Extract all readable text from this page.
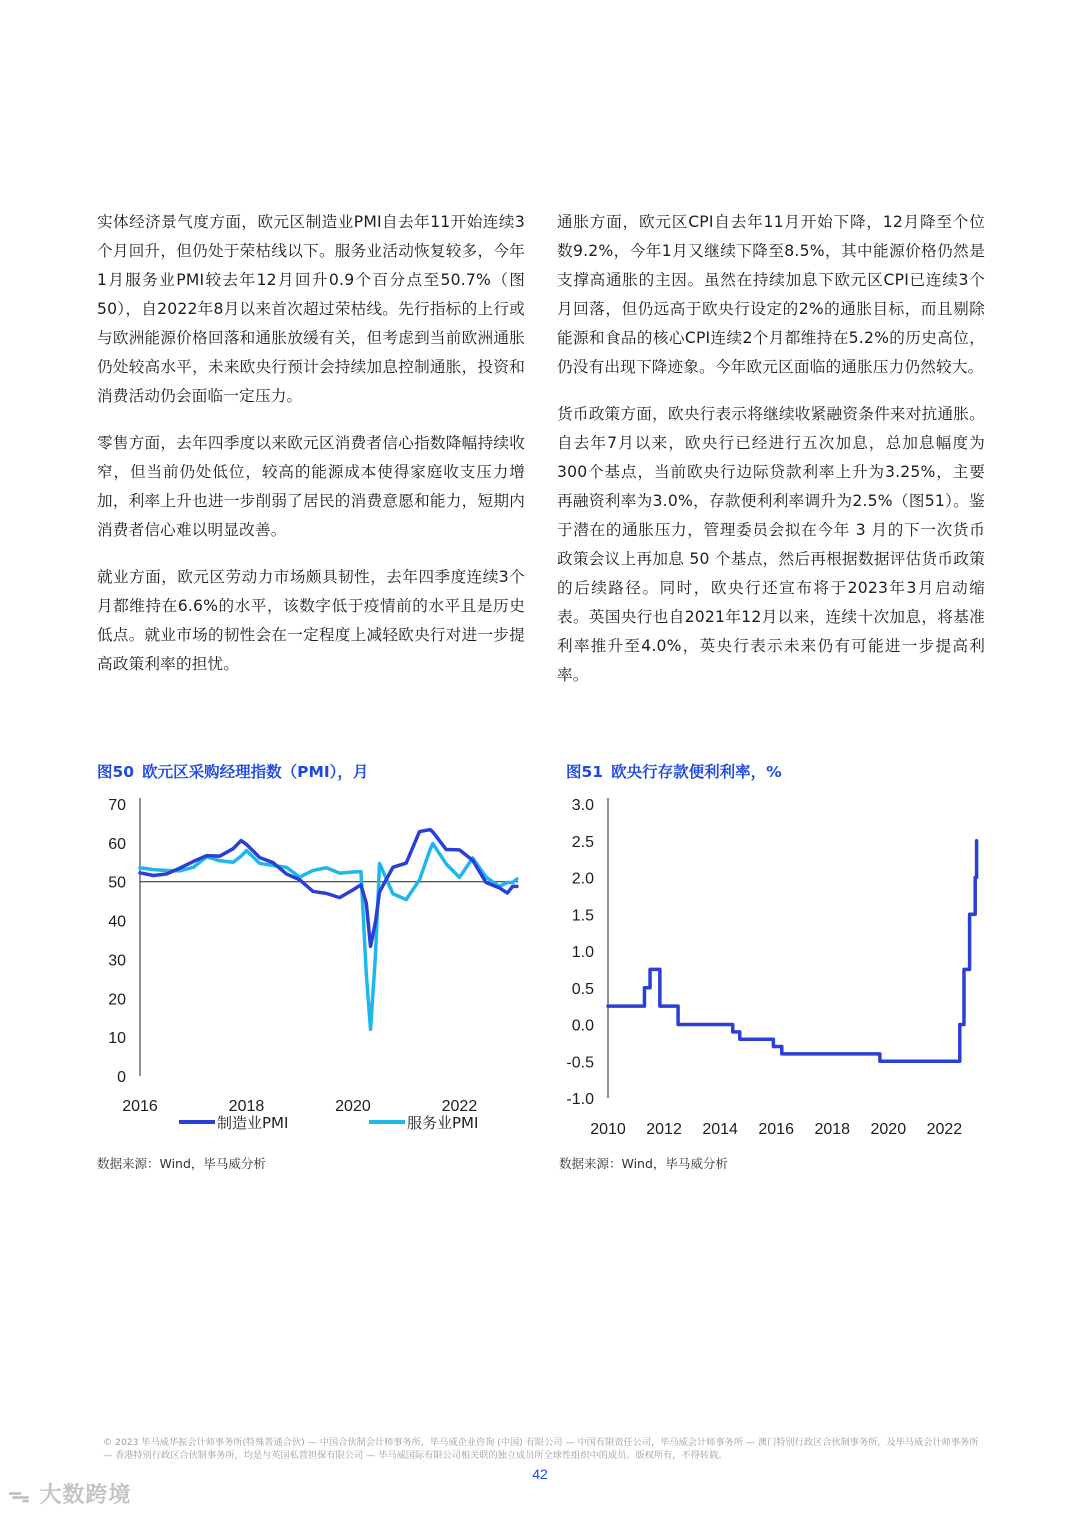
实体经济景气度方面，欧元区制造业PMI自去年11开始连续3个月回升，但仍处于荣枯线以下。服务业活动恢复较多，今年1月服务业PMI较去年12月回升0.9个百分点至50.7%（图50），自2022年8月以来首次超过荣枯线。先行指标的上行或与欧洲能源价格回落和通胀放缓有关，但考虑到当前欧洲通胀仍处较高水平，未来欧央行预计会持续加息控制通胀，投资和消费活动仍会面临一定压力。

零售方面，去年四季度以来欧元区消费者信心指数降幅持续收窄，但当前仍处低位，较高的能源成本使得家庭收支压力增加，利率上升也进一步削弱了居民的消费意愿和能力，短期内消费者信心难以明显改善。

就业方面，欧元区劳动力市场颇具韧性，去年四季度连续3个月都维持在6.6%的水平，该数字低于疫情前的水平且是历史低点。就业市场的韧性会在一定程度上减轻欧央行对进一步提高政策利率的担忧。

通胀方面，欧元区CPI自去年11月开始下降，12月降至个位数9.2%，今年1月又继续下降至8.5%，其中能源价格仍然是支撑高通胀的主因。虽然在持续加息下欧元区CPI已连续3个月回落，但仍远高于欧央行设定的2%的通胀目标，而且剔除能源和食品的核心CPI连续2个月都维持在5.2%的历史高位，仍没有出现下降迹象。今年欧元区面临的通胀压力仍然较大。

货币政策方面，欧央行表示将继续收紧融资条件来对抗通胀。自去年7月以来，欧央行已经进行五次加息，总加息幅度为300个基点，当前欧央行边际贷款利率上升为3.25%，主要再融资利率为3.0%，存款便利利率调升为2.5%（图51）。鉴于潜在的通胀压力，管理委员会拟在今年 3 月的下一次货币政策会议上再加息 50 个基点，然后再根据数据评估货币政策的后续路径。同时，欧央行还宣布将于2023年3月启动缩表。英国央行也自2021年12月以来，连续十次加息，将基准利率推升至4.0%，英央行表示未来仍有可能进一步提高利率。

图50 欧元区采购经理指数（PMI），月	图51 欧央行存款便利利率，%
0
10
20
30
40
50
60
70
2016	2018	2020	2022
制造业PMI	服务业PMI
-1.0
-0.5
0.0
0.5
1.0
1.5
2.0
2.5
3.0
2010 2012 2014 2016 2018 2020 2022
数据来源：Wind，毕马威分析	数据来源：Wind，毕马威分析
© 2023 毕马威华振会计师事务所(特殊普通合伙) — 中国合伙制会计师事务所，毕马威企业咨询 (中国) 有限公司 — 中国有限责任公司，毕马威会计师事务所 — 澳门特别行政区合伙制事务所，及毕马威会计师事务所 — 香港特别行政区合伙制事务所，均是与英国私营担保有限公司 — 毕马威国际有限公司相关联的独立成员所全球性组织中的成员。版权所有，不得转载。
42
ᯓ 大数跨境
